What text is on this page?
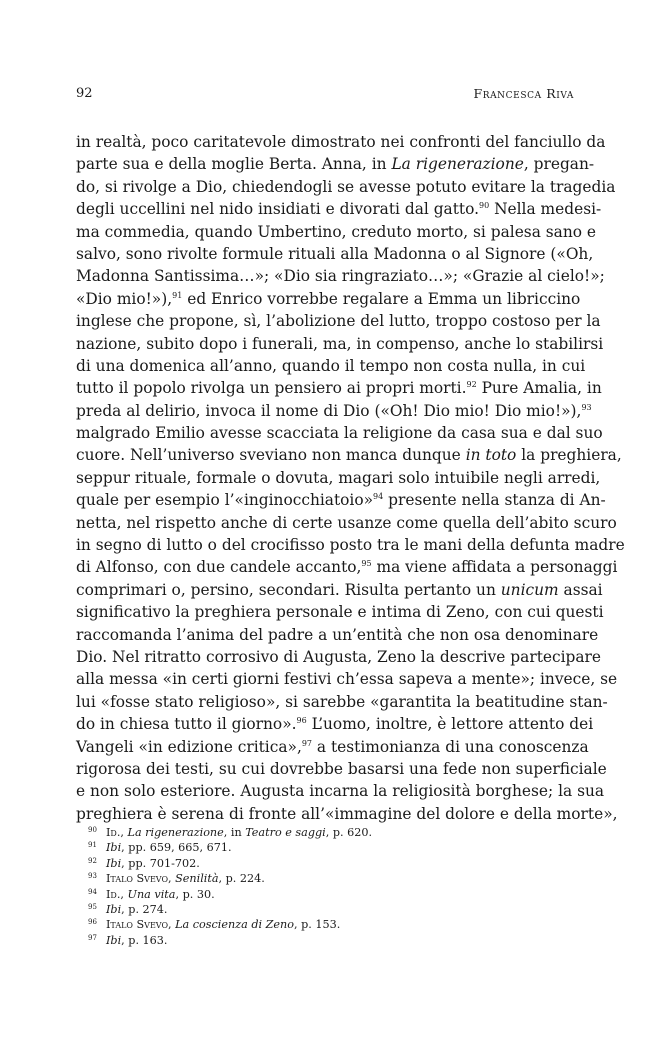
92	Francesca Riva
in realtà, poco caritatevole dimostrato nei confronti del fanciullo da
parte sua e della moglie Berta. Anna, in La rigenerazione, pregan-
do, si rivolge a Dio, chiedendogli se avesse potuto evitare la tragedia
degli uccellini nel nido insidiati e divorati dal gatto.$^{90}$ Nella medesi-
ma commedia, quando Umbertino, creduto morto, si palesa sano e
salvo, sono rivolte formule rituali alla Madonna o al Signore («Oh,
Madonna Santissima…»; «Dio sia ringraziato…»; «Grazie al cielo!»;
«Dio mio!»),$^{91}$ ed Enrico vorrebbe regalare a Emma un libriccino
inglese che propone, sì, l’abolizione del lutto, troppo costoso per la
nazione, subito dopo i funerali, ma, in compenso, anche lo stabilirsi
di una domenica all’anno, quando il tempo non costa nulla, in cui
tutto il popolo rivolga un pensiero ai propri morti.$^{92}$ Pure Amalia, in
preda al delirio, invoca il nome di Dio («Oh! Dio mio! Dio mio!»),$^{93}$
malgrado Emilio avesse scacciata la religione da casa sua e dal suo
cuore. Nell’universo sveviano non manca dunque in toto la preghiera,
seppur rituale, formale o dovuta, magari solo intuibile negli arredi,
quale per esempio l’«inginocchiatoio»$^{94}$ presente nella stanza di An-
netta, nel rispetto anche di certe usanze come quella dell’abito scuro
in segno di lutto o del crocifisso posto tra le mani della defunta madre
di Alfonso, con due candele accanto,$^{95}$ ma viene affidata a personaggi
comprimari o, persino, secondari. Risulta pertanto un unicum assai
significativo la preghiera personale e intima di Zeno, con cui questi
raccomanda l’anima del padre a un’entità che non osa denominare
Dio. Nel ritratto corrosivo di Augusta, Zeno la descrive partecipare
alla messa «in certi giorni festivi ch’essa sapeva a mente»; invece, se
lui «fosse stato religioso», si sarebbe «garantita la beatitudine stan-
do in chiesa tutto il giorno».$^{96}$ L’uomo, inoltre, è lettore attento dei
Vangeli «in edizione critica»,$^{97}$ a testimonianza di una conoscenza
rigorosa dei testi, su cui dovrebbe basarsi una fede non superficiale
e non solo esteriore. Augusta incarna la religiosità borghese; la sua
preghiera è serena di fronte all’«immagine del dolore e della morte»,
90 Id., La rigenerazione, in Teatro e saggi, p. 620.
91 Ibi, pp. 659, 665, 671.
92 Ibi, pp. 701-702.
93 Italo Svevo, Senilità, p. 224.
94 Id., Una vita, p. 30.
95 Ibi, p. 274.
96 Italo Svevo, La coscienza di Zeno, p. 153.
97 Ibi, p. 163.
